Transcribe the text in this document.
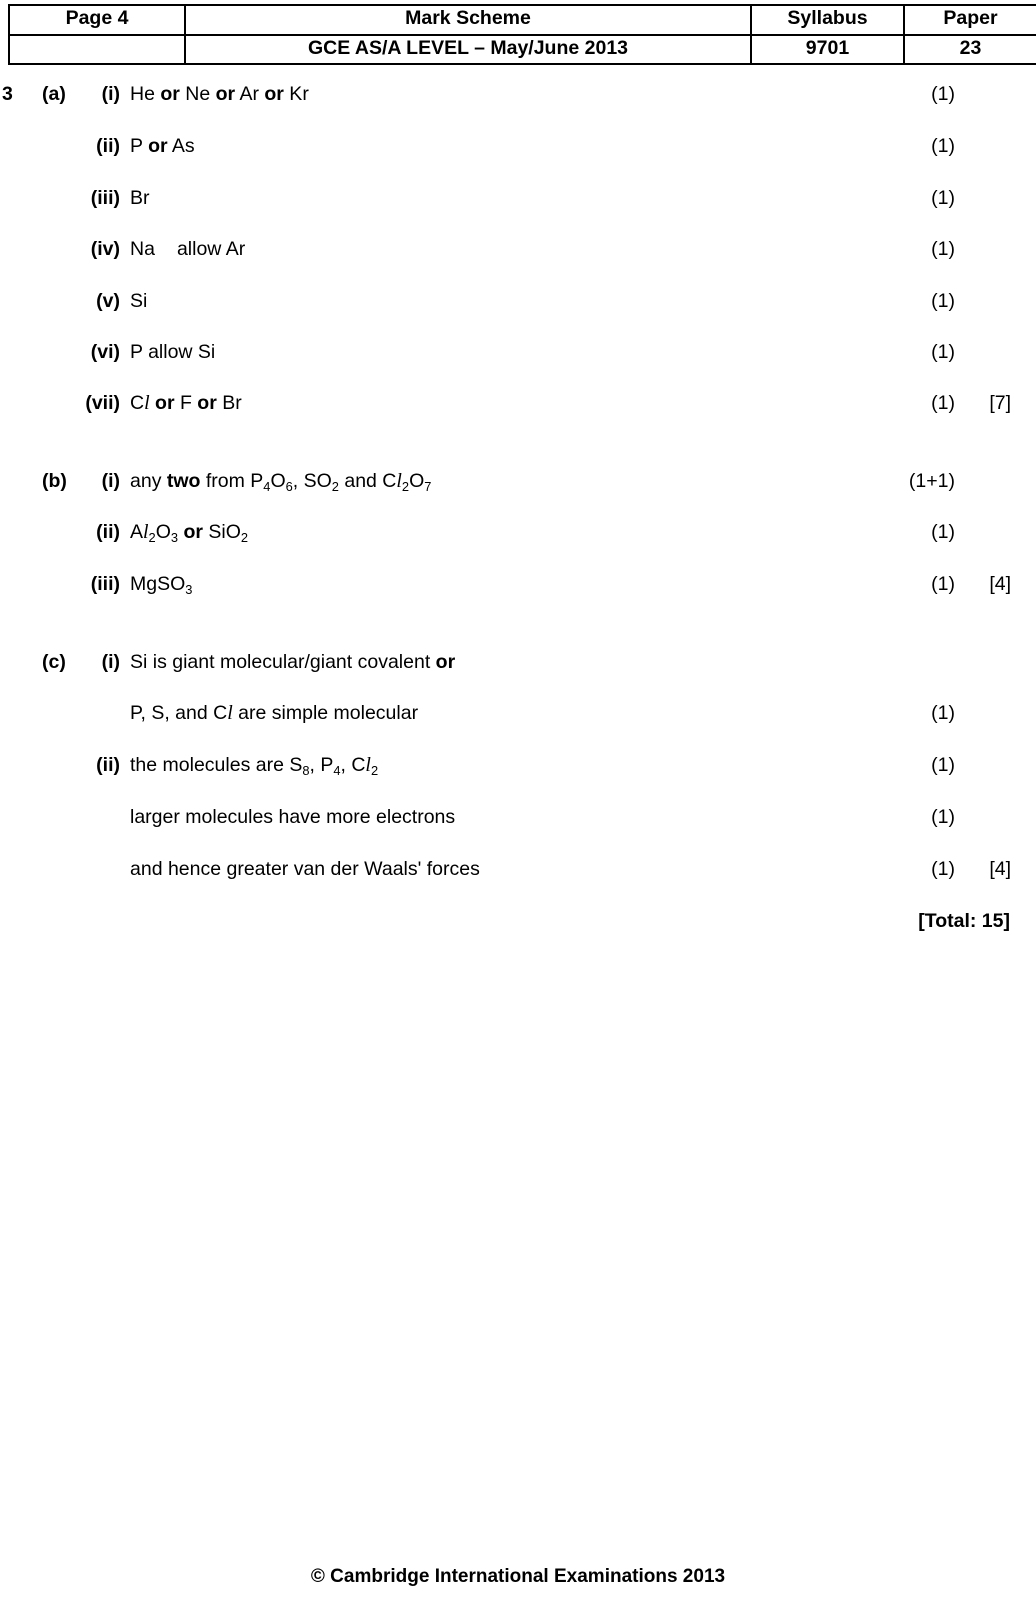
Page 4	Mark Scheme	Syllabus	Paper
	GCE AS/A LEVEL – May/June 2013	9701	23
3	(a)	(i) He or Ne or Ar or Kr	(1)
(ii) P or As	(1)
(iii) Br	(1)
(iv) Na allow Ar	(1)
(v) Si	(1)
(vi) P allow Si	(1)
(vii) Cl or F or Br	(1)	[7]
(b)	(i) any two from $P_4O_6$, $SO_2$ and $Cl_2O_7$	(1+1)
(ii) $Al_2O_3$ or SiO$_2$	(1)
(iii) MgSO$_3$	(1)	[4]
(c)	(i) Si is giant molecular/giant covalent or
P, S, and Cl are simple molecular	(1)
(ii) the molecules are $S_8$, $P_4$, $Cl_2$	(1)
larger molecules have more electrons	(1)
and hence greater van der Waals' forces	(1)	[4]
[Total: 15]
© Cambridge International Examinations 2013
